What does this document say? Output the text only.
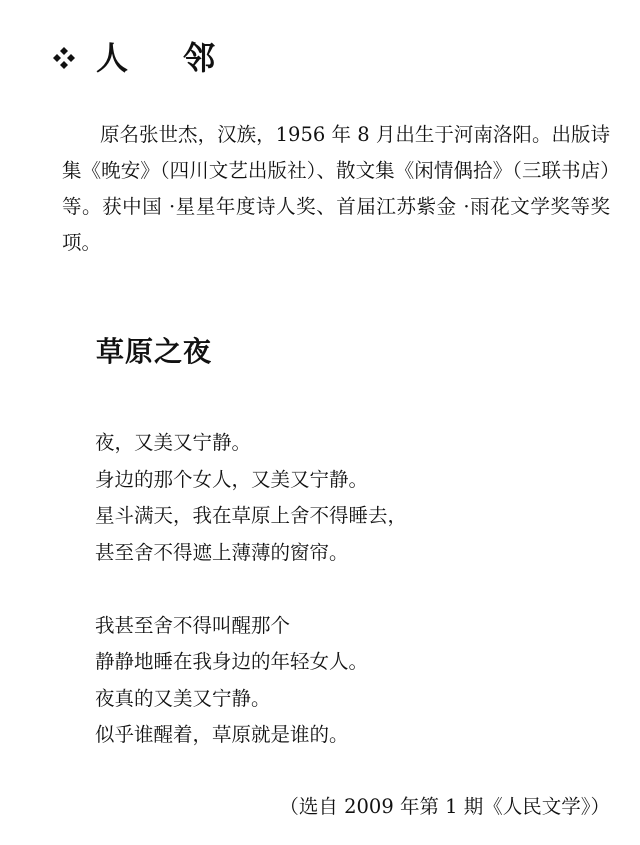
人 邻

原名张世杰，汉族，1956 年 8 月出生于河南洛阳。出版诗集《晚安》（四川文艺出版社）、散文集《闲情偶拾》（三联书店）等。获中国 ·星星年度诗人奖、首届江苏紫金 ·雨花文学奖等奖项。

草原之夜
夜，又美又宁静。
身边的那个女人，又美又宁静。
星斗满天，我在草原上舍不得睡去，
甚至舍不得遮上薄薄的窗帘。
我甚至舍不得叫醒那个
静静地睡在我身边的年轻女人。
夜真的又美又宁静。
似乎谁醒着，草原就是谁的。
（选自 2009 年第 1 期《人民文学》）
